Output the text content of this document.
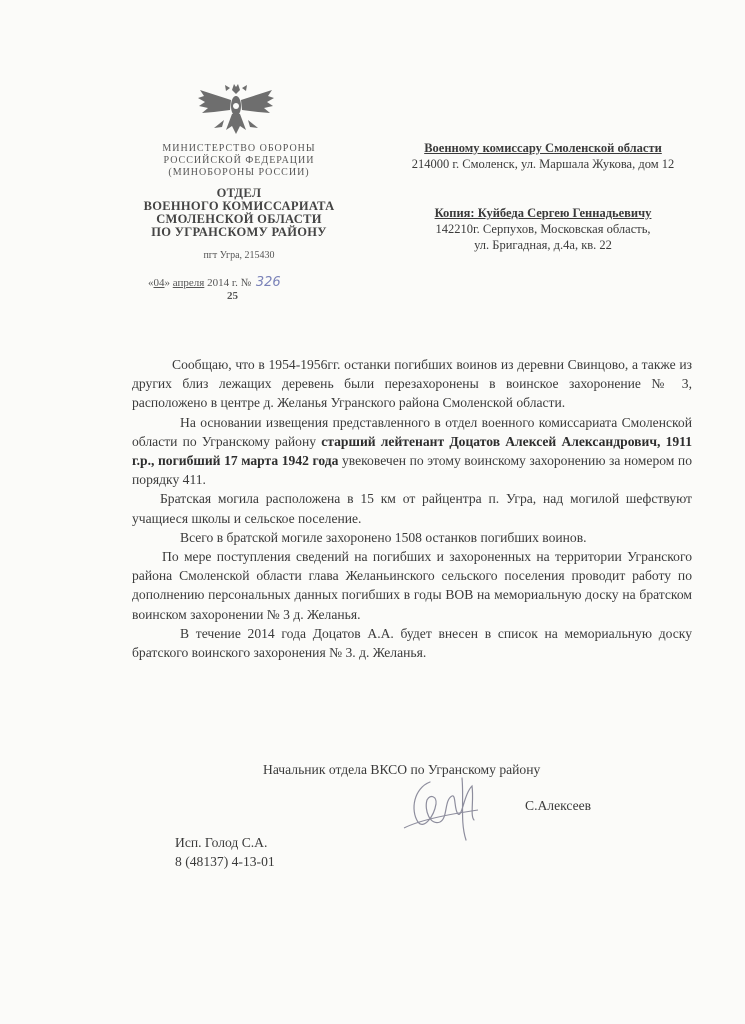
МИНИСТЕРСТВО ОБОРОНЫ
РОССИЙСКОЙ ФЕДЕРАЦИИ
(МИНОБОРОНЫ РОССИИ)
ОТДЕЛ
ВОЕННОГО КОМИССАРИАТА
СМОЛЕНСКОЙ ОБЛАСТИ
ПО УГРАНСКОМУ РАЙОНУ
пгт Угра, 215430
«04» апреля 2014 г. № 326
25
Военному комиссару Смоленской области
214000 г. Смоленск, ул. Маршала Жукова, дом 12
Копия: Куйбеда Сергею Геннадьевичу
142210г. Серпухов, Московская область,
ул. Бригадная, д.4а, кв. 22

Сообщаю, что в 1954-1956гг. останки погибших воинов из деревни Свинцово, а также из других близ лежащих деревень были перезахоронены в воинское захоронение № 3, расположено в центре д. Желанья Угранского района Смоленской области.

На основании извещения представленного в отдел военного комиссариата Смоленской области по Угранскому району старший лейтенант Доцатов Алексей Александрович, 1911 г.р., погибший 17 марта 1942 года увековечен по этому воинскому захоронению за номером по порядку 411.

Братская могила расположена в 15 км от райцентра п. Угра, над могилой шефствуют учащиеся школы и сельское поселение.

Всего в братской могиле захоронено 1508 останков погибших воинов.

По мере поступления сведений на погибших и захороненных на территории Угранского района Смоленской области глава Желаньинского сельского поселения проводит работу по дополнению персональных данных погибших в годы ВОВ на мемориальную доску на братском воинском захоронении № 3 д. Желанья.

В течение 2014 года Доцатов А.А. будет внесен в список на мемориальную доску братского воинского захоронения № 3. д. Желанья.

Начальник отдела ВКСО по Угранскому району
С.Алексеев
Исп. Голод С.А.
8 (48137) 4-13-01
